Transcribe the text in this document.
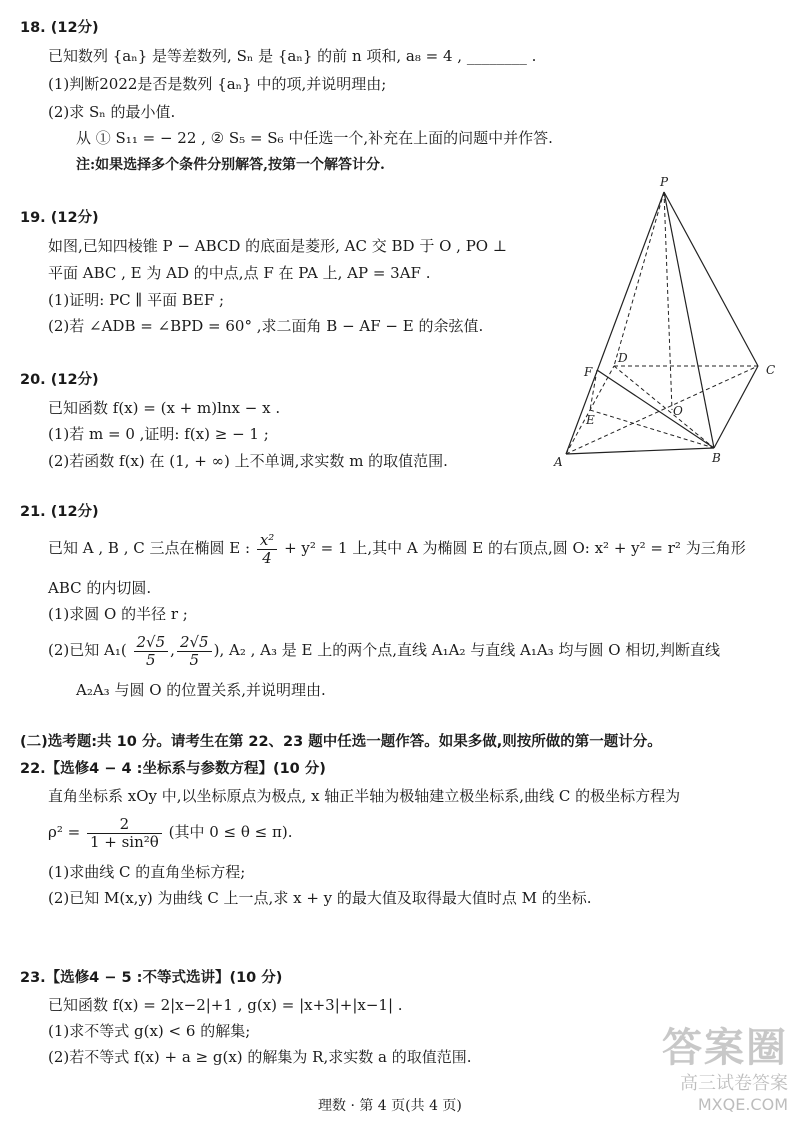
18. (12分)
已知数列 {aₙ} 是等差数列, Sₙ 是 {aₙ} 的前 n 项和, a₈ = 4 , ________ .
(1)判断2022是否是数列 {aₙ} 中的项,并说明理由;
(2)求 Sₙ 的最小值.
从 ① S₁₁ = − 22 , ② S₅ = S₆ 中任选一个,补充在上面的问题中并作答.
注:如果选择多个条件分别解答,按第一个解答计分.
19. (12分)
如图,已知四棱锥 P − ABCD 的底面是菱形, AC 交 BD 于 O , PO ⊥
平面 ABC , E 为 AD 的中点,点 F 在 PA 上, AP = 3AF .
(1)证明: PC ∥ 平面 BEF ;
(2)若 ∠ADB = ∠BPD = 60° ,求二面角 B − AF − E 的余弦值.
P
A	B
C
D
E
F
O
20. (12分)
已知函数 f(x) = (x + m)lnx − x .
(1)若 m = 0 ,证明: f(x) ≥ − 1 ;
(2)若函数 f(x) 在 (1, + ∞) 上不单调,求实数 m 的取值范围.
21. (12分)
已知 A , B , C 三点在椭圆 E : $\frac{\text{x²}}{4} + y^2 = 1$ 上,其中 A 为椭圆 E 的右顶点,圆 O: x² + y² = r² 为三角形
ABC 的内切圆.
(1)求圆 O 的半径 r ;
(2)已知 $A_1( \frac{2√5}{5}$ , $\frac{2√5}{5}$ ), A₂ , A₃ 是 E 上的两个点,直线 A₁A₂ 与直线 A₁A₃ 均与圆 O 相切,判断直线
A₂A₃ 与圆 O 的位置关系,并说明理由.
(二)选考题:共 10 分。请考生在第 22、23 题中任选一题作答。如果多做,则按所做的第一题计分。
22.【选修4 − 4 :坐标系与参数方程】(10 分)
直角坐标系 xOy 中,以坐标原点为极点, x 轴正半轴为极轴建立极坐标系,曲线 C 的极坐标方程为
$\rho^2 = \frac{2}{\text{1 + sin²θ}}$ (其中 0 ≤ θ ≤ π).
(1)求曲线 C 的直角坐标方程;
(2)已知 M(x,y) 为曲线 C 上一点,求 x + y 的最大值及取得最大值时点 M 的坐标.
23.【选修4 − 5 :不等式选讲】(10 分)
已知函数 f(x) = 2|x−2|+1 , g(x) = |x+3|+|x−1| .
(1)求不等式 g(x) < 6 的解集;
(2)若不等式 f(x) + a ≥ g(x) 的解集为 R,求实数 a 的取值范围.
理数 · 第 4 页(共 4 页)
答案圈
高三试卷答案
MXQE.COM
